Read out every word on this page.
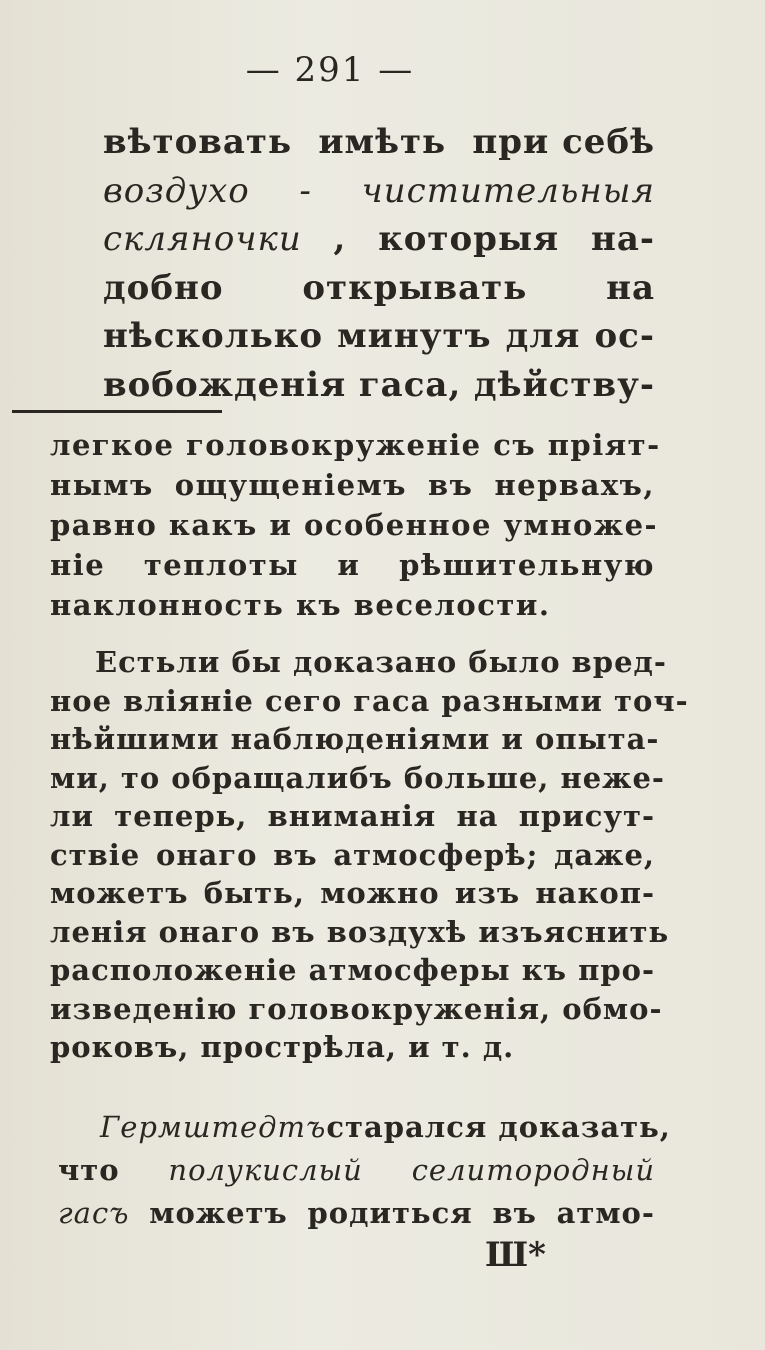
— 291 —
вѣтовать имѣть при себѣ
воздухо - чистительныя
скляночки , которыя на-
добно открывать на
нѣсколько минутъ для ос-
вобожденія гаса, дѣйству-
легкое головокруженіе съ пріят-
нымъ ощущеніемъ въ нервахъ,
равно какъ и особенное умноже-
ніе теплоты и рѣшительную
наклонность къ веселости.
Естьли бы доказано было вред-
ное вліяніе сего гаса разными точ-
нѣйшими наблюденіями и опыта-
ми, то обращалибъ больше, неже-
ли теперь, вниманія на присут-
ствіе онаго въ атмосферѣ; даже,
можетъ быть, можно изъ накоп-
ленія онаго въ воздухѣ изъяснить
расположеніе атмосферы къ про-
изведенію головокруженія, обмо-
роковъ, прострѣла, и т. д.
Гермштедтъ старался доказать,
что полукислый селитородный
гасъ можетъ родиться въ атмо-
Ш*
